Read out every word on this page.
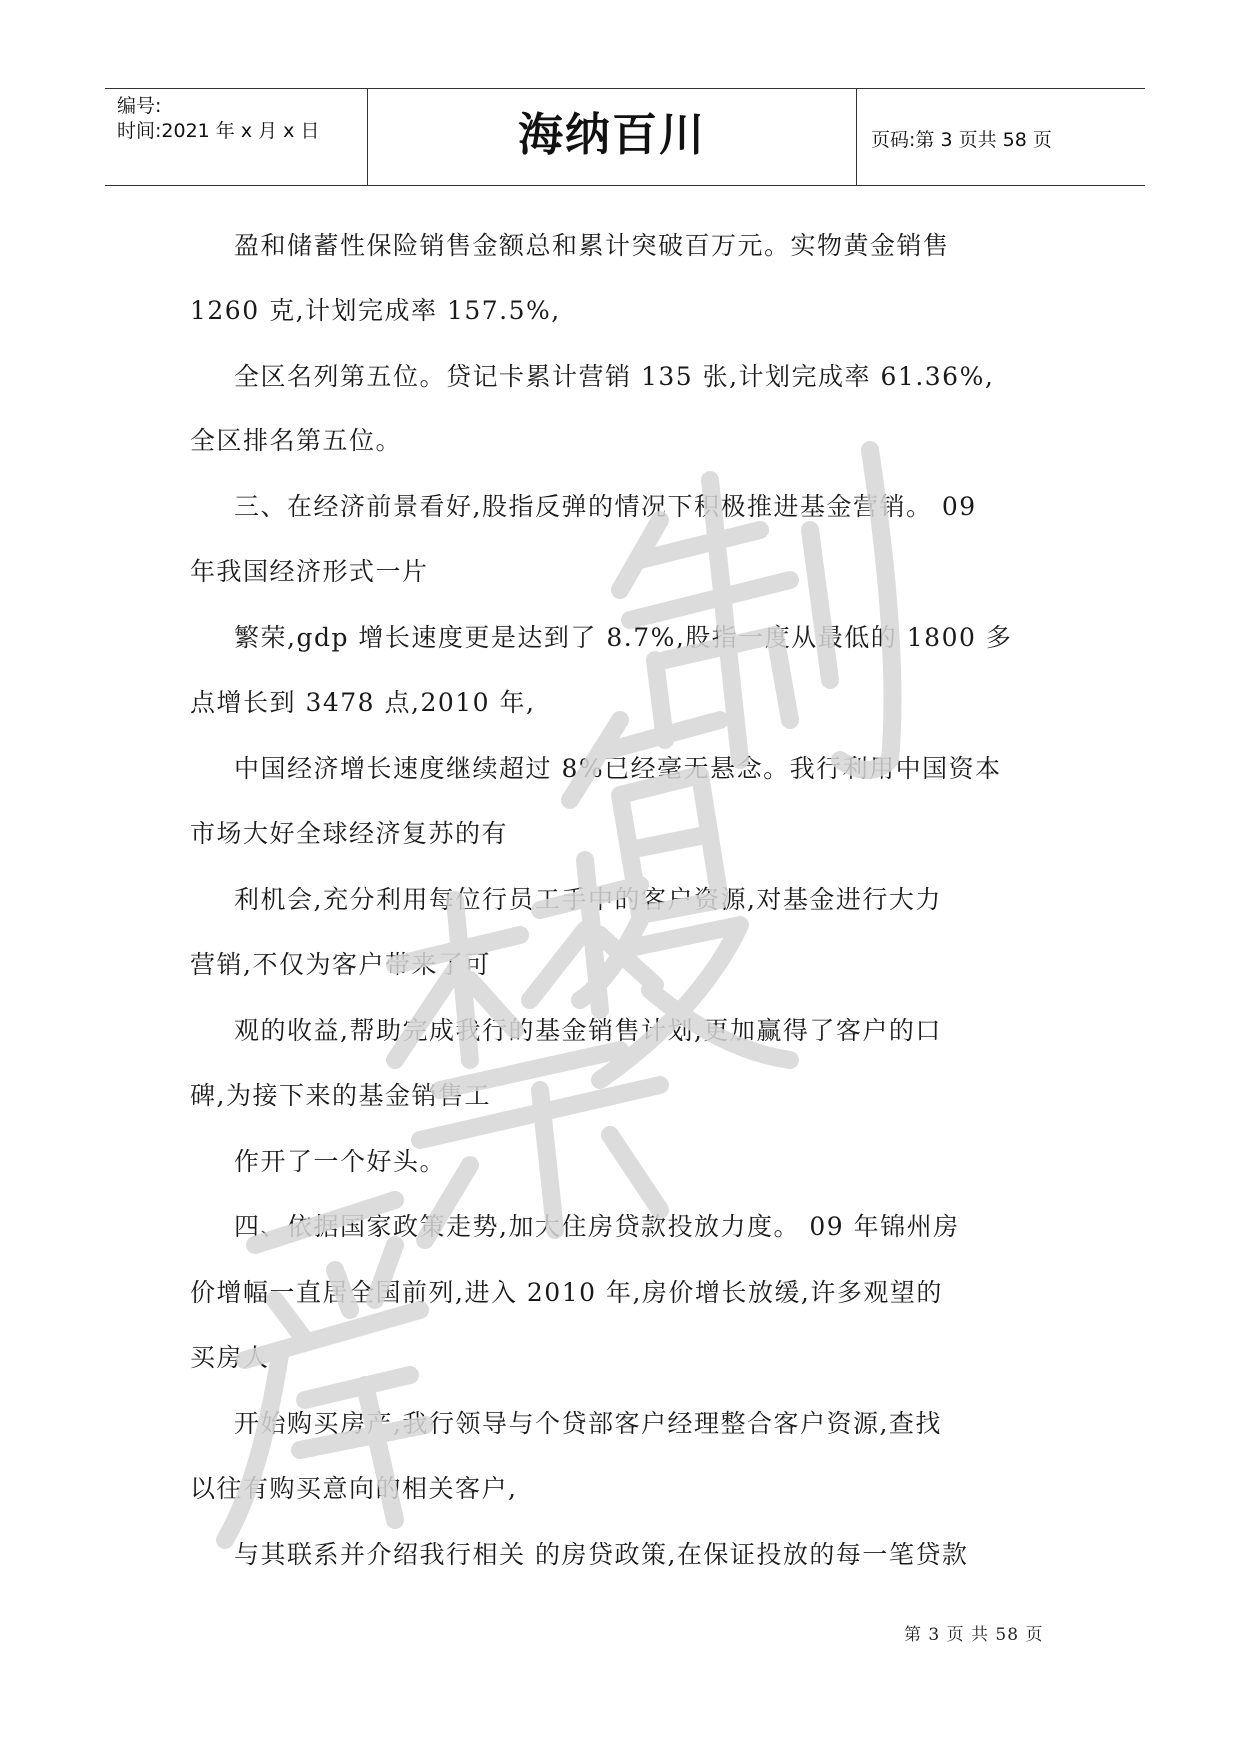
编号:
时间:2021 年 x 月 x 日	海纳百川	页码:第 3 页共 58 页
盈和储蓄性保险销售金额总和累计突破百万元。实物黄金销售
1260 克,计划完成率 157.5%,
全区名列第五位。贷记卡累计营销 135 张,计划完成率 61.36%,
全区排名第五位。
三、在经济前景看好,股指反弹的情况下积极推进基金营销。 09
年我国经济形式一片
繁荣,gdp 增长速度更是达到了 8.7%,股指一度从最低的 1800 多
点增长到 3478 点,2010 年,
中国经济增长速度继续超过 8%已经毫无悬念。我行利用中国资本
市场大好全球经济复苏的有
利机会,充分利用每位行员工手中的客户资源,对基金进行大力
营销,不仅为客户带来了可
观的收益,帮助完成我行的基金销售计划,更加赢得了客户的口
碑,为接下来的基金销售工
作开了一个好头。
四、依据国家政策走势,加大住房贷款投放力度。 09 年锦州房
价增幅一直居全国前列,进入 2010 年,房价增长放缓,许多观望的
买房人
开始购买房产,我行领导与个贷部客户经理整合客户资源,查找
以往有购买意向的相关客户,
与其联系并介绍我行相关 的房贷政策,在保证投放的每一笔贷款
第 3 页 共 58 页
